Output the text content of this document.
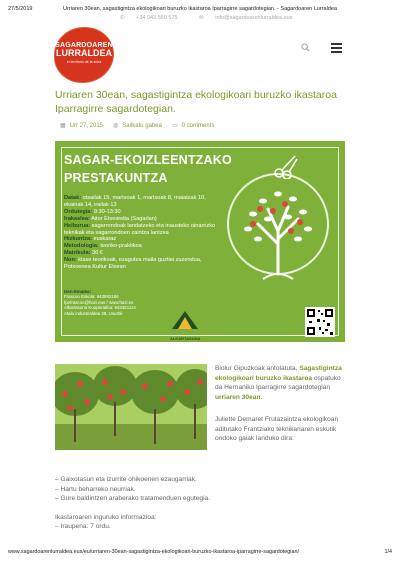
27/5/2019	Urriaren 30ean, sagastigintza ekologikoari buruzko ikastaroa Iparragirre sagardotegian. - Sagardoaren Lurraldea
✆ +34 943 550 575	✉ info@sagardoarenlurraldea.eus
SAGARDOAREN
LURRALDEA
el territorio de la sidra
Urriaren 30ean, sagastigintza ekologikoari buruzko ikastaroa Iparragirre sagardotegian.
▦ Urr 27, 2015 ◍ Sailkatu gabea ▭ 0 comments
SAGAR-EKOIZLEENTZAKO
PRESTAKUNTZA
Datak: otsailak 15, martxoak 1, martxoak 8, maiatzak 10, ekainak 14, irailak 13
Ordutegia: 9:30-13:30
Irakaslea: Aitor Etxeandia (Sagarlan)
Helburua: sagarrondoak landatzeko eta inausteko oinarrizko teknikak eta sagarrondoen zaintza lantzea
Hizkuntza: euskaraz
Metodologia: teoriko-praktikoa
Matrikula: 36 €
Non: klase teorikoak, ezagutza maila guztiei zuzendua, Potxoenea Kultur Etxean
Izen-Ematea:
Frascoo Eskola: 943892186
fpefrascoo@hazi.eus / www.hazi.es
Alkartasuna Kooperatiba: 943361114
Atalu industrialdea 28, Usurbil
ALKARTASUNA
Biolur Gipuzkoak antolatuta, Sagastigintza ekologikoari buruzko ikastaroa ospatuko da Hernaniko Iparragirre sagardotegian urriaren 30ean.
Juliette Demaret Frutazaintza ekologikoan aditutako Frantziako teknikariaren eskutik ondoko gaiak landuko dira:
– Gaixotasun eta izurrite ohikoenen ezaugarriak.
– Hartu beharreko neurriak.
– Gure baldintzen araberako tratamenduen egutegia.
Ikastaroaren inguruko informazioa:
– Iraupena: 7 ordu.
www.sagardoarenlurraldea.eus/eu/urriaren-30ean-sagastigintza-ekologikoari-buruzko-ikastaroa-iparragirre-sagardotegian/	1/4
